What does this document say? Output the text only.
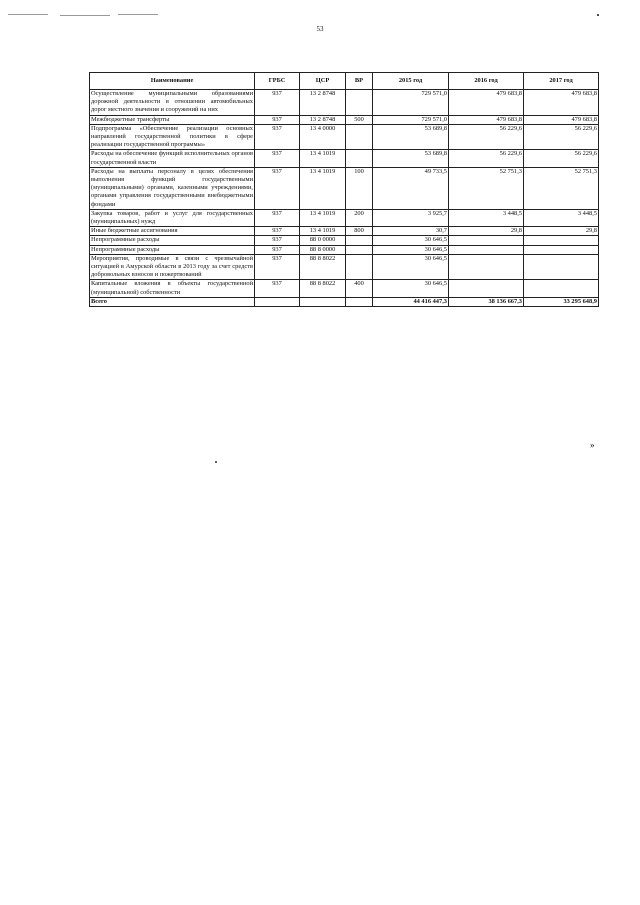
53
Наименование	ГРБС	ЦСР	ВР	2015 год	2016 год	2017 год
Осуществление муниципальными образованиями дорожной деятельности в отношении автомобильных дорог местного значения и сооружений на них	937	13 2 8748		729 571,0	479 683,8	479 683,8
Межбюджетные трансферты	937	13 2 8748	500	729 571,0	479 683,8	479 683,8
Подпрограмма «Обеспечение реализации основных направлений государственной политики в сфере реализации государственной программы»	937	13 4 0000		53 689,8	56 229,6	56 229,6
Расходы на обеспечение функций исполнительных органов государственной власти	937	13 4 1019		53 689,8	56 229,6	56 229,6
Расходы на выплаты персоналу в целях обеспечения выполнения функций государственными (муниципальными) органами, казенными учреждениями, органами управления государственными внебюджетными фондами	937	13 4 1019	100	49 733,5	52 751,3	52 751,3
Закупка товаров, работ и услуг для государственных (муниципальных) нужд	937	13 4 1019	200	3 925,7	3 448,5	3 448,5
Иные бюджетные ассигнования	937	13 4 1019	800	30,7	29,8	29,8
Непрограммные расходы	937	88 0 0000		30 646,5		
Непрограммные расходы	937	88 8 0000		30 646,5		
Мероприятия, проводимые в связи с чрезвычайной ситуацией в Амурской области в 2013 году за счет средств добровольных взносов и пожертвований	937	88 8 8022		30 646,5		
Капитальные вложения в объекты государственной (муниципальной) собственности	937	88 8 8022	400	30 646,5		
Всего				44 416 447,3	38 136 667,3	33 295 648,9
»
